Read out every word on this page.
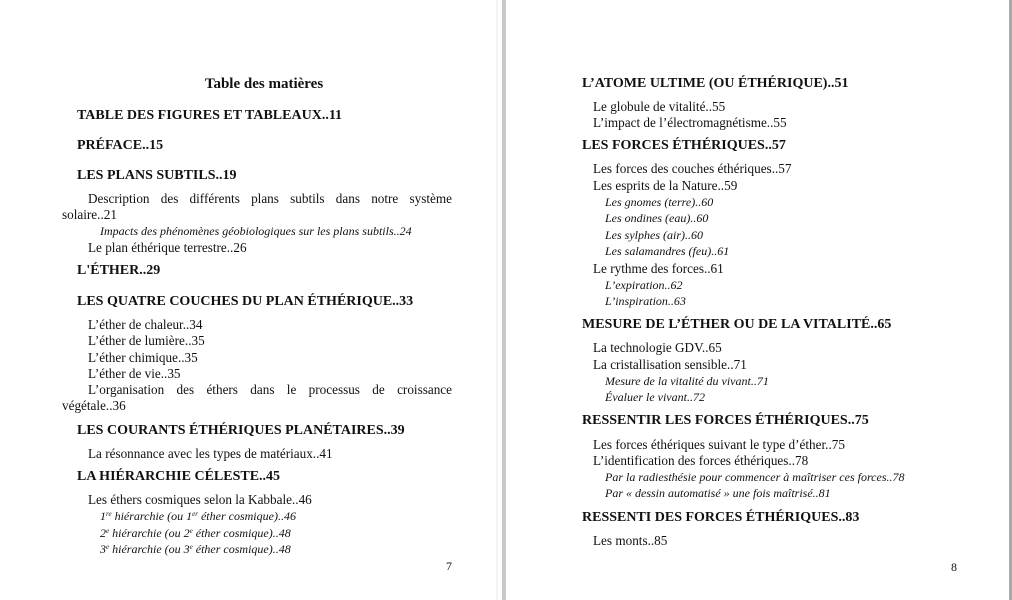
Table des matières
TABLE DES FIGURES ET TABLEAUX..11
PRÉFACE..15
LES PLANS SUBTILS..19
Description des différents plans subtils dans notre système solaire..21
Impacts des phénomènes géobiologiques sur les plans subtils..24
Le plan éthérique terrestre..26
L'ÉTHER..29
LES QUATRE COUCHES DU PLAN ÉTHÉRIQUE..33
L’éther de chaleur..34
L’éther de lumière..35
L’éther chimique..35
L’éther de vie..35
L’organisation des éthers dans le processus de croissance végétale..36
LES COURANTS ÉTHÉRIQUES PLANÉTAIRES..39
La résonnance avec les types de matériaux..41
LA HIÉRARCHIE CÉLESTE..45
Les éthers cosmiques selon la Kabbale..46
1re hiérarchie (ou 1er éther cosmique)..46
2e hiérarchie (ou 2e éther cosmique)..48
3e hiérarchie (ou 3e éther cosmique)..48
7
L’ATOME ULTIME (OU ÉTHÉRIQUE)..51
Le globule de vitalité..55
L’impact de l’électromagnétisme..55
LES FORCES ÉTHÉRIQUES..57
Les forces des couches éthériques..57
Les esprits de la Nature..59
Les gnomes (terre)..60
Les ondines (eau)..60
Les sylphes (air)..60
Les salamandres (feu)..61
Le rythme des forces..61
L’expiration..62
L’inspiration..63
MESURE DE L’ÉTHER OU DE LA VITALITÉ..65
La technologie GDV..65
La cristallisation sensible..71
Mesure de la vitalité du vivant..71
Évaluer le vivant..72
RESSENTIR LES FORCES ÉTHÉRIQUES..75
Les forces éthériques suivant le type d’éther..75
L’identification des forces éthériques..78
Par la radiesthésie pour commencer à maîtriser ces forces..78
Par « dessin automatisé » une fois maîtrisé..81
RESSENTI DES FORCES ÉTHÉRIQUES..83
Les monts..85
8
